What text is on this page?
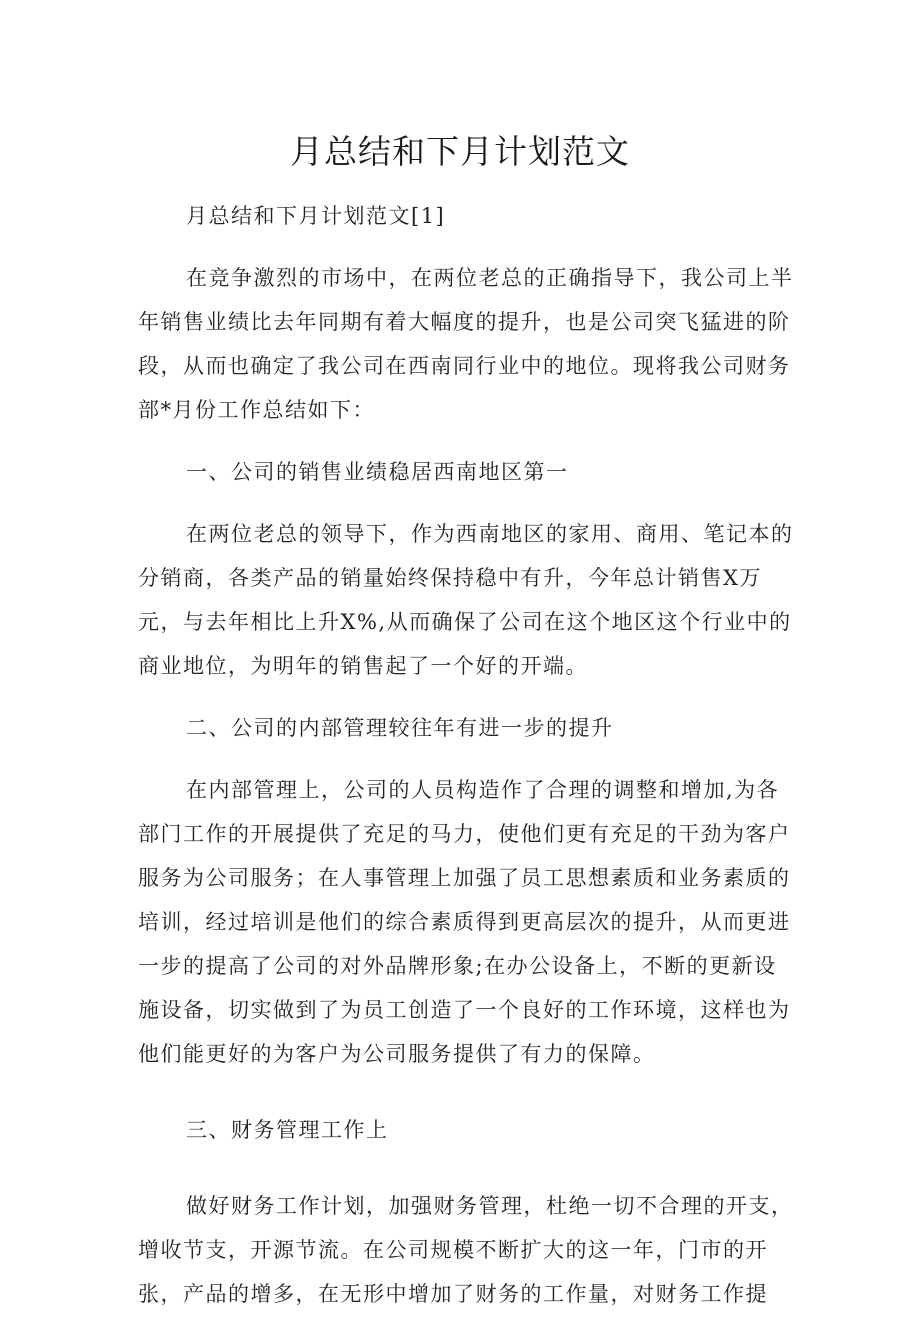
月总结和下月计划范文

月总结和下月计划范文[1]

在竞争激烈的市场中，在两位老总的正确指导下，我公司上半年销售业绩比去年同期有着大幅度的提升，也是公司突飞猛进的阶段，从而也确定了我公司在西南同行业中的地位。现将我公司财务部*月份工作总结如下：

一、公司的销售业绩稳居西南地区第一

在两位老总的领导下，作为西南地区的家用、商用、笔记本的分销商，各类产品的销量始终保持稳中有升，今年总计销售X万元，与去年相比上升X%,从而确保了公司在这个地区这个行业中的商业地位，为明年的销售起了一个好的开端。

二、公司的内部管理较往年有进一步的提升

在内部管理上，公司的人员构造作了合理的调整和增加,为各部门工作的开展提供了充足的马力，使他们更有充足的干劲为客户服务为公司服务；在人事管理上加强了员工思想素质和业务素质的培训，经过培训是他们的综合素质得到更高层次的提升，从而更进一步的提高了公司的对外品牌形象;在办公设备上，不断的更新设施设备，切实做到了为员工创造了一个良好的工作环境，这样也为他们能更好的为客户为公司服务提供了有力的保障。

三、财务管理工作上

做好财务工作计划，加强财务管理，杜绝一切不合理的开支，增收节支，开源节流。在公司规模不断扩大的这一年，门市的开张，产品的增多，在无形中增加了财务的工作量，对财务工作提
